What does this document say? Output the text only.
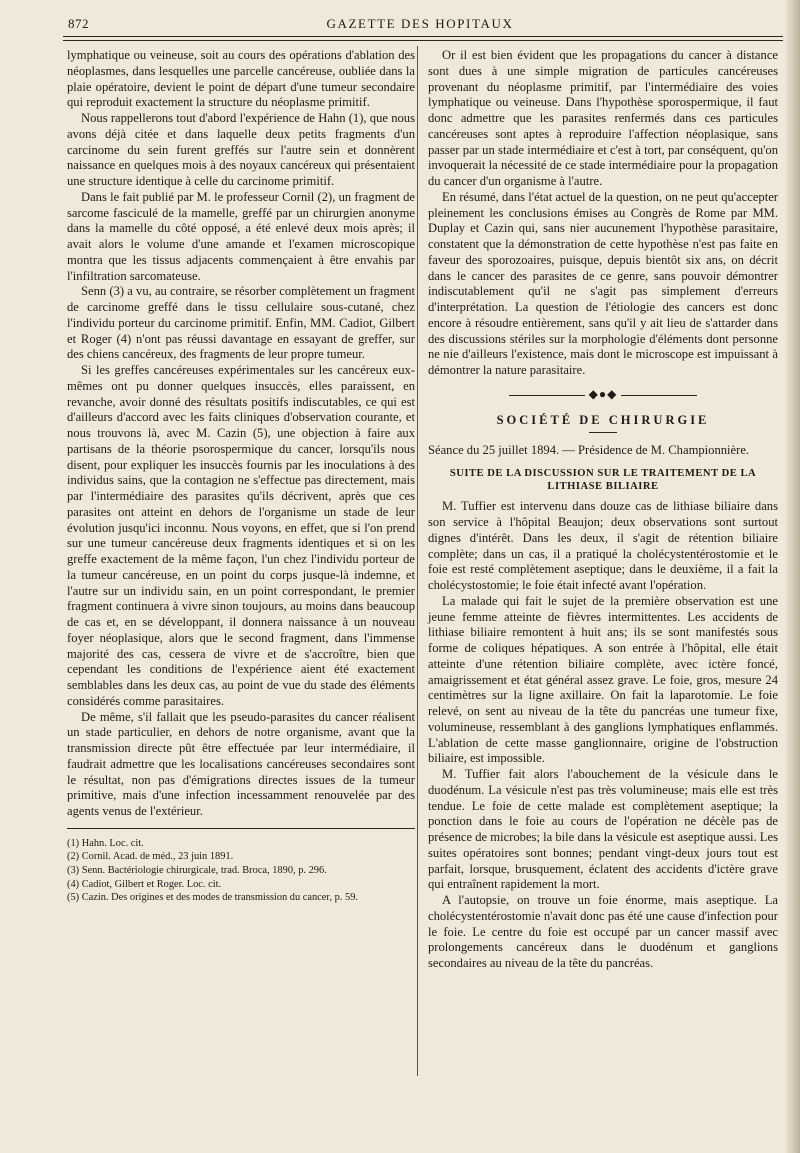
872	GAZETTE DES HOPITAUX

lymphatique ou veineuse, soit au cours des opérations d'ablation des néoplasmes, dans lesquelles une parcelle cancéreuse, oubliée dans la plaie opératoire, devient le point de départ d'une tumeur secondaire qui reproduit exactement la structure du néoplasme primitif.

Nous rappellerons tout d'abord l'expérience de Hahn (1), que nous avons déjà citée et dans laquelle deux petits fragments d'un carcinome du sein furent greffés sur l'autre sein et donnèrent naissance en quelques mois à des noyaux cancéreux qui présentaient une structure identique à celle du carcinome primitif.

Dans le fait publié par M. le professeur Cornil (2), un fragment de sarcome fasciculé de la mamelle, greffé par un chirurgien anonyme dans la mamelle du côté opposé, a été enlevé deux mois après; il avait alors le volume d'une amande et l'examen microscopique montra que les tissus adjacents commençaient à être envahis par l'infiltration sarcomateuse.

Senn (3) a vu, au contraire, se résorber complètement un fragment de carcinome greffé dans le tissu cellulaire sous-cutané, chez l'individu porteur du carcinome primitif. Enfin, MM. Cadiot, Gilbert et Roger (4) n'ont pas réussi davantage en essayant de greffer, sur des chiens cancéreux, des fragments de leur propre tumeur.

Si les greffes cancéreuses expérimentales sur les cancéreux eux-mêmes ont pu donner quelques insuccès, elles paraissent, en revanche, avoir donné des résultats positifs indiscutables, ce qui est d'ailleurs d'accord avec les faits cliniques d'observation courante, et nous trouvons là, avec M. Cazin (5), une objection à faire aux partisans de la théorie psorospermique du cancer, lorsqu'ils nous disent, pour expliquer les insuccès fournis par les inoculations à des individus sains, que la contagion ne s'effectue pas directement, mais par l'intermédiaire des parasites qu'ils décrivent, après que ces parasites ont atteint en dehors de l'organisme un stade de leur évolution jusqu'ici inconnu. Nous voyons, en effet, que si l'on prend sur une tumeur cancéreuse deux fragments identiques et si on les greffe exactement de la même façon, l'un chez l'individu porteur de la tumeur cancéreuse, en un point du corps jusque-là indemne, et l'autre sur un individu sain, en un point correspondant, le premier fragment continuera à vivre sinon toujours, au moins dans beaucoup de cas et, en se développant, il donnera naissance à un nouveau foyer néoplasique, alors que le second fragment, dans l'immense majorité des cas, cessera de vivre et de s'accroître, bien que cependant les conditions de l'expérience aient été exactement semblables dans les deux cas, au point de vue du stade des éléments considérés comme parasitaires.

De même, s'il fallait que les pseudo-parasites du cancer réalisent un stade particulier, en dehors de notre organisme, avant que la transmission directe pût être effectuée par leur intermédiaire, il faudrait admettre que les localisations cancéreuses secondaires sont le résultat, non pas d'émigrations directes issues de la tumeur primitive, mais d'une infection incessamment renouvelée par des agents venus de l'extérieur.

(1) Hahn. Loc. cit.
(2) Cornil. Acad. de méd., 23 juin 1891.
(3) Senn. Bactériologie chirurgicale, trad. Broca, 1890, p. 296.
(4) Cadiot, Gilbert et Roger. Loc. cit.
(5) Cazin. Des origines et des modes de transmission du cancer, p. 59.

Or il est bien évident que les propagations du cancer à distance sont dues à une simple migration de particules cancéreuses provenant du néoplasme primitif, par l'intermédiaire des voies lymphatique ou veineuse. Dans l'hypothèse sporospermique, il faut donc admettre que les parasites renfermés dans ces particules cancéreuses sont aptes à reproduire l'affection néoplasique, sans passer par un stade intermédiaire et c'est à tort, par conséquent, qu'on invoquerait la nécessité de ce stade intermédiaire pour la propagation du cancer d'un organisme à l'autre.

En résumé, dans l'état actuel de la question, on ne peut qu'accepter pleinement les conclusions émises au Congrès de Rome par MM. Duplay et Cazin qui, sans nier aucunement l'hypothèse parasitaire, constatent que la démonstration de cette hypothèse n'est pas faite en faveur des sporozoaires, puisque, depuis bientôt six ans, on décrit dans le cancer des parasites de ce genre, sans pouvoir démontrer indiscutablement qu'il ne s'agit pas simplement d'erreurs d'interprétation. La question de l'étiologie des cancers est donc encore à résoudre entièrement, sans qu'il y ait lieu de s'attarder dans des discussions stériles sur la morphologie d'éléments dont personne ne nie d'ailleurs l'existence, mais dont le microscope est impuissant à démontrer la nature parasitaire.

◆●◆
SOCIÉTÉ DE CHIRURGIE
Séance du 25 juillet 1894. — Présidence de M. Championnière.
SUITE DE LA DISCUSSION SUR LE TRAITEMENT DE LA LITHIASE BILIAIRE

M. Tuffier est intervenu dans douze cas de lithiase biliaire dans son service à l'hôpital Beaujon; deux observations sont surtout dignes d'intérêt. Dans les deux, il s'agit de rétention biliaire complète; dans un cas, il a pratiqué la cholécystentérostomie et le foie est resté complètement aseptique; dans le deuxième, il a fait la cholécystostomie; le foie était infecté avant l'opération.

La malade qui fait le sujet de la première observation est une jeune femme atteinte de fièvres intermittentes. Les accidents de lithiase biliaire remontent à huit ans; ils se sont manifestés sous forme de coliques hépatiques. A son entrée à l'hôpital, elle était atteinte d'une rétention biliaire complète, avec ictère foncé, amaigrissement et état général assez grave. Le foie, gros, mesure 24 centimètres sur la ligne axillaire. On fait la laparotomie. Le foie relevé, on sent au niveau de la tête du pancréas une tumeur fixe, volumineuse, ressemblant à des ganglions lymphatiques enflammés. L'ablation de cette masse ganglionnaire, origine de l'obstruction biliaire, est impossible.

M. Tuffier fait alors l'abouchement de la vésicule dans le duodénum. La vésicule n'est pas très volumineuse; mais elle est très tendue. Le foie de cette malade est complètement aseptique; la ponction dans le foie au cours de l'opération ne décèle pas de présence de microbes; la bile dans la vésicule est aseptique aussi. Les suites opératoires sont bonnes; pendant vingt-deux jours tout est parfait, lorsque, brusquement, éclatent des accidents d'ictère grave qui entraînent rapidement la mort.

A l'autopsie, on trouve un foie énorme, mais aseptique. La cholécystentérostomie n'avait donc pas été une cause d'infection pour le foie. Le centre du foie est occupé par un cancer massif avec prolongements cancéreux dans le duodénum et ganglions secondaires au niveau de la tête du pancréas.
